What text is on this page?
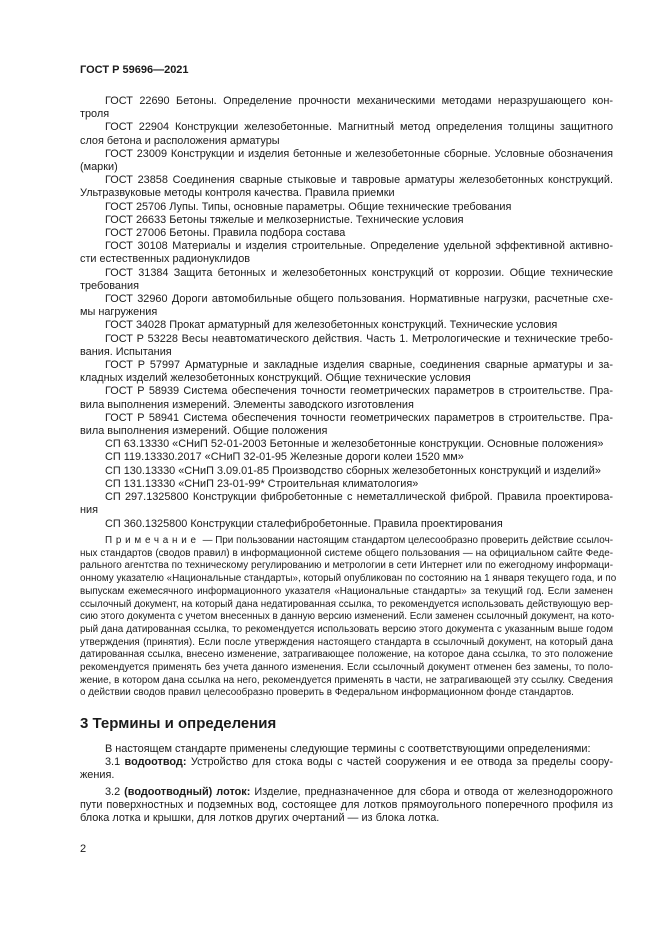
ГОСТ Р 59696—2021
ГОСТ 22690 Бетоны. Определение прочности механическими методами неразрушающего кон-
троля
ГОСТ 22904 Конструкции железобетонные. Магнитный метод определения толщины защитного
слоя бетона и расположения арматуры
ГОСТ 23009 Конструкции и изделия бетонные и железобетонные сборные. Условные обозначения
(марки)
ГОСТ 23858 Соединения сварные стыковые и тавровые арматуры железобетонных конструкций.
Ультразвуковые методы контроля качества. Правила приемки
ГОСТ 25706 Лупы. Типы, основные параметры. Общие технические требования
ГОСТ 26633 Бетоны тяжелые и мелкозернистые. Технические условия
ГОСТ 27006 Бетоны. Правила подбора состава
ГОСТ 30108 Материалы и изделия строительные. Определение удельной эффективной активно-
сти естественных радионуклидов
ГОСТ 31384 Защита бетонных и железобетонных конструкций от коррозии. Общие технические
требования
ГОСТ 32960 Дороги автомобильные общего пользования. Нормативные нагрузки, расчетные схе-
мы нагружения
ГОСТ 34028 Прокат арматурный для железобетонных конструкций. Технические условия
ГОСТ Р 53228 Весы неавтоматического действия. Часть 1. Метрологические и технические требо-
вания. Испытания
ГОСТ Р 57997 Арматурные и закладные изделия сварные, соединения сварные арматуры и за-
кладных изделий железобетонных конструкций. Общие технические условия
ГОСТ Р 58939 Система обеспечения точности геометрических параметров в строительстве. Пра-
вила выполнения измерений. Элементы заводского изготовления
ГОСТ Р 58941 Система обеспечения точности геометрических параметров в строительстве. Пра-
вила выполнения измерений. Общие положения
СП 63.13330 «СНиП 52-01-2003 Бетонные и железобетонные конструкции. Основные положения»
СП 119.13330.2017 «СНиП 32-01-95 Железные дороги колеи 1520 мм»
СП 130.13330 «СНиП 3.09.01-85 Производство сборных железобетонных конструкций и изделий»
СП 131.13330 «СНиП 23-01-99* Строительная климатология»
СП 297.1325800 Конструкции фибробетонные с неметаллической фиброй. Правила проектирова-
ния
СП 360.1325800 Конструкции сталефибробетонные. Правила проектирования
Примечание — При пользовании настоящим стандартом целесообразно проверить действие ссылоч-
ных стандартов (сводов правил) в информационной системе общего пользования — на официальном сайте Феде-
рального агентства по техническому регулированию и метрологии в сети Интернет или по ежегодному информаци-
онному указателю «Национальные стандарты», который опубликован по состоянию на 1 января текущего года, и по
выпускам ежемесячного информационного указателя «Национальные стандарты» за текущий год. Если заменен
ссылочный документ, на который дана недатированная ссылка, то рекомендуется использовать действующую вер-
сию этого документа с учетом внесенных в данную версию изменений. Если заменен ссылочный документ, на кото-
рый дана датированная ссылка, то рекомендуется использовать версию этого документа с указанным выше годом
утверждения (принятия). Если после утверждения настоящего стандарта в ссылочный документ, на который дана
датированная ссылка, внесено изменение, затрагивающее положение, на которое дана ссылка, то это положение
рекомендуется применять без учета данного изменения. Если ссылочный документ отменен без замены, то поло-
жение, в котором дана ссылка на него, рекомендуется применять в части, не затрагивающей эту ссылку. Сведения
о действии сводов правил целесообразно проверить в Федеральном информационном фонде стандартов.
3 Термины и определения
В настоящем стандарте применены следующие термины с соответствующими определениями:
3.1 водоотвод: Устройство для стока воды с частей сооружения и ее отвода за пределы соору-
жения.
3.2 (водоотводный) лоток: Изделие, предназначенное для сбора и отвода от железнодорожного
пути поверхностных и подземных вод, состоящее для лотков прямоугольного поперечного профиля из
блока лотка и крышки, для лотков других очертаний — из блока лотка.
2
